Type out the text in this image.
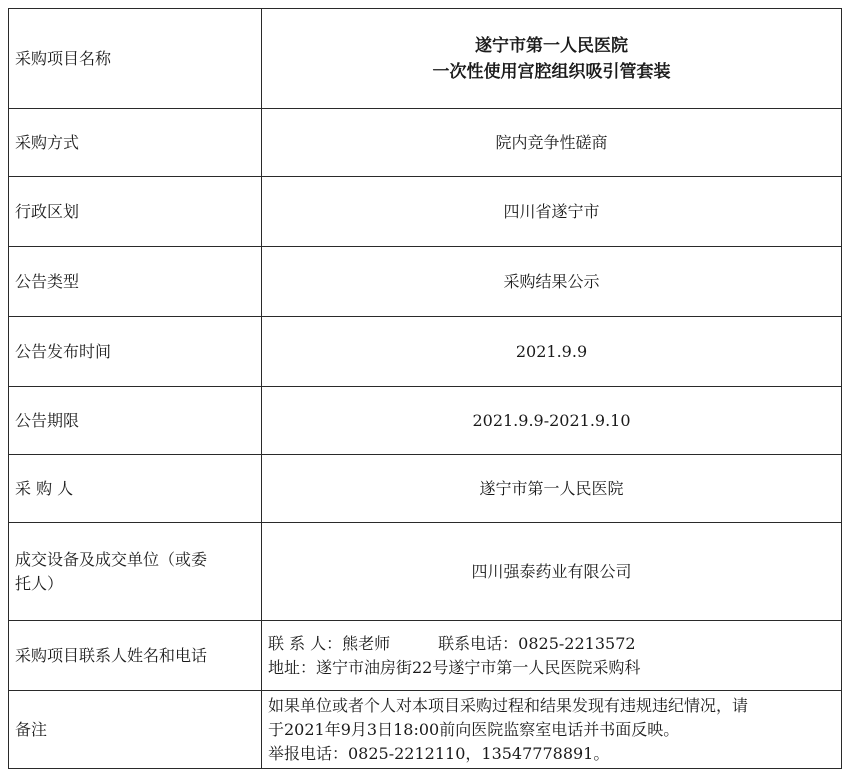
采购项目名称	遂宁市第一人民医院
一次性使用宫腔组织吸引管套装

采购方式	院内竞争性磋商
行政区划	四川省遂宁市
公告类型	采购结果公示
公告发布时间	2021.9.9
公告期限	2021.9.9-2021.9.10
采 购 人	遂宁市第一人民医院

成交设备及成交单位（或委
托人）	四川强泰药业有限公司
采购项目联系人姓名和电话	联 系 人：熊老师　　　联系电话：0825-2213572
地址：遂宁市油房街22号遂宁市第一人民医院采购科

备注	如果单位或者个人对本项目采购过程和结果发现有违规违纪情况，请
于2021年9月3日18:00前向医院监察室电话并书面反映。
举报电话：0825-2212110，13547778891。
